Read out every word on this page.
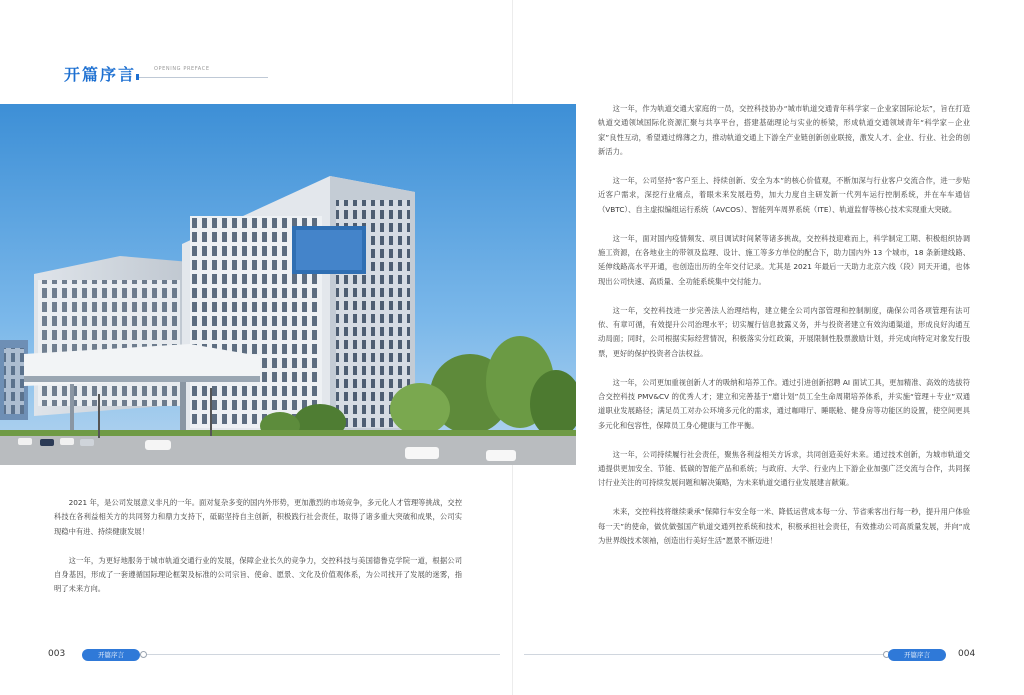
开篇序言	OPENING PREFACE

2021 年，是公司发展意义非凡的一年。面对复杂多变的国内外形势，更加激烈的市场竞争，多元化人才管理等挑战，交控科技在各利益相关方的共同努力和鼎力支持下，砥砺坚持自主创新，积极践行社会责任，取得了诸多重大突破和成果，公司实现稳中有进、持续健康发展！

这一年，为更好地服务于城市轨道交通行业的发展，保障企业长久的竞争力，交控科技与美国德鲁克学院一道，根据公司自身基因，形成了一套遵循国际理论框架及标准的公司宗旨、使命、愿景、文化及价值观体系，为公司找开了发展的迷雾，指明了未来方向。

这一年，作为轨道交通大家庭的一员，交控科技协办“城市轨道交通青年科学家－企业家国际论坛”，旨在打造轨道交通领域国际化资源汇聚与共享平台，搭建基础理论与实业的桥梁，形成轨道交通领域青年“科学家－企业家”良性互动，希望通过绵薄之力，推动轨道交通上下游全产业链创新创业联接，激发人才、企业、行业、社会的创新活力。

这一年，公司坚持“客户至上、持续创新、安全为本”的核心价值观，不断加深与行业客户交流合作，进一步贴近客户需求，深挖行业痛点，着眼未来发展趋势，加大力度自主研发新一代列车运行控制系统，并在车车通信（VBTC）、自主虚拟编组运行系统（AVCOS）、智能列车周界系统（ITE）、轨道监督等核心技术实现重大突破。

这一年，面对国内疫情频发、项目调试时间紧等诸多挑战，交控科技迎难而上，科学制定工期、积极组织协调施工资源，在各地业主的带领及监理、设计、施工等多方单位的配合下，助力国内外 13 个城市，18 条新建线路、延伸线路高水平开通，也创造出历的全年交付记录。尤其是 2021 年最后一天助力北京六线（段）同天开通，也体现出公司快速、高质量、全功能系统集中交付能力。

这一年，交控科技进一步完善法人治理结构，建立健全公司内部管理和控制制度，确保公司各项管理有法可依、有章可循，有效提升公司治理水平；切实履行信息披露义务，并与投资者建立有效沟通渠道，形成良好沟通互动局面；同时，公司根据实际经营情况，积极落实分红政策，开展限制性股票激励计划，并完成向特定对象发行股票，更好的保护投资者合法权益。

这一年，公司更加重视创新人才的吸纳和培养工作。通过引进创新招聘 AI 面试工具，更加精准、高效的选拔符合交控科技 PMV&CV 的优秀人才；建立和完善基于“磨计划”员工全生命周期培养体系，并实施“管理＋专业”双通道职业发展路径；满足员工对办公环境多元化的需求，通过咖啡厅、睡眠舱、健身房等功能区的设置，使空间更具多元化和包容性，保障员工身心健康与工作平衡。

这一年，公司持续履行社会责任，聚焦各利益相关方诉求，共同创造美好未来。通过技术创新，为城市轨道交通提供更加安全、节能、低碳的智能产品和系统；与政府、大学、行业内上下游企业加强广泛交流与合作，共同探讨行业关注的可持续发展问题和解决策略，为未来轨道交通行业发展建言献策。

未来，交控科技将继续秉承“保障行车安全每一米、降低运营成本每一分、节省乘客出行每一秒，提升用户体验每一天”的使命，做优做强国产轨道交通列控系统和技术，积极承担社会责任，有效推动公司高质量发展，并向“成为世界级技术领袖，创造出行美好生活”愿景不断迈进！

003	开篇序言	开篇序言	004
